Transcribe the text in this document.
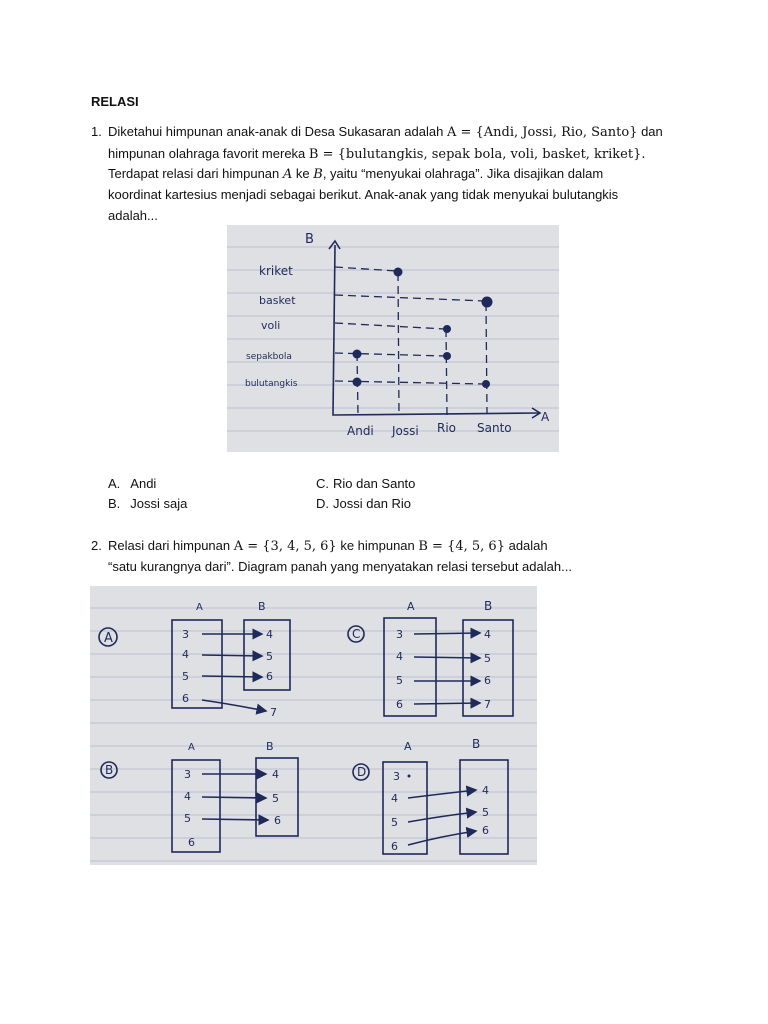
RELASI
1. Diketahui himpunan anak-anak di Desa Sukasaran adalah A = {Andi, Jossi, Rio, Santo} dan
himpunan olahraga favorit mereka B = {bulutangkis, sepak bola, voli, basket, kriket}.
Terdapat relasi dari himpunan A ke B, yaitu “menyukai olahraga”. Jika disajikan dalam
koordinat kartesius menjadi sebagai berikut. Anak-anak yang tidak menyukai bulutangkis
adalah...
B
A
kriket
basket
voli
sepakbola
bulutangkis
Andi Jossi Rio Santo
A. Andi
B. Jossi saja
C. Rio dan Santo
D. Jossi dan Rio
2. Relasi dari himpunan A = {3, 4, 5, 6} ke himpunan B = {4, 5, 6} adalah
“satu kurangnya dari”. Diagram panah yang menyatakan relasi tersebut adalah...
A
A	B
3
4
5
6
4
5
6
7
C
A	B
3
4
5
6
4
5
6
7
B
A	B
3
4
5
6
4
5
6
D
A	B
3
4
5
6
4
5
6
